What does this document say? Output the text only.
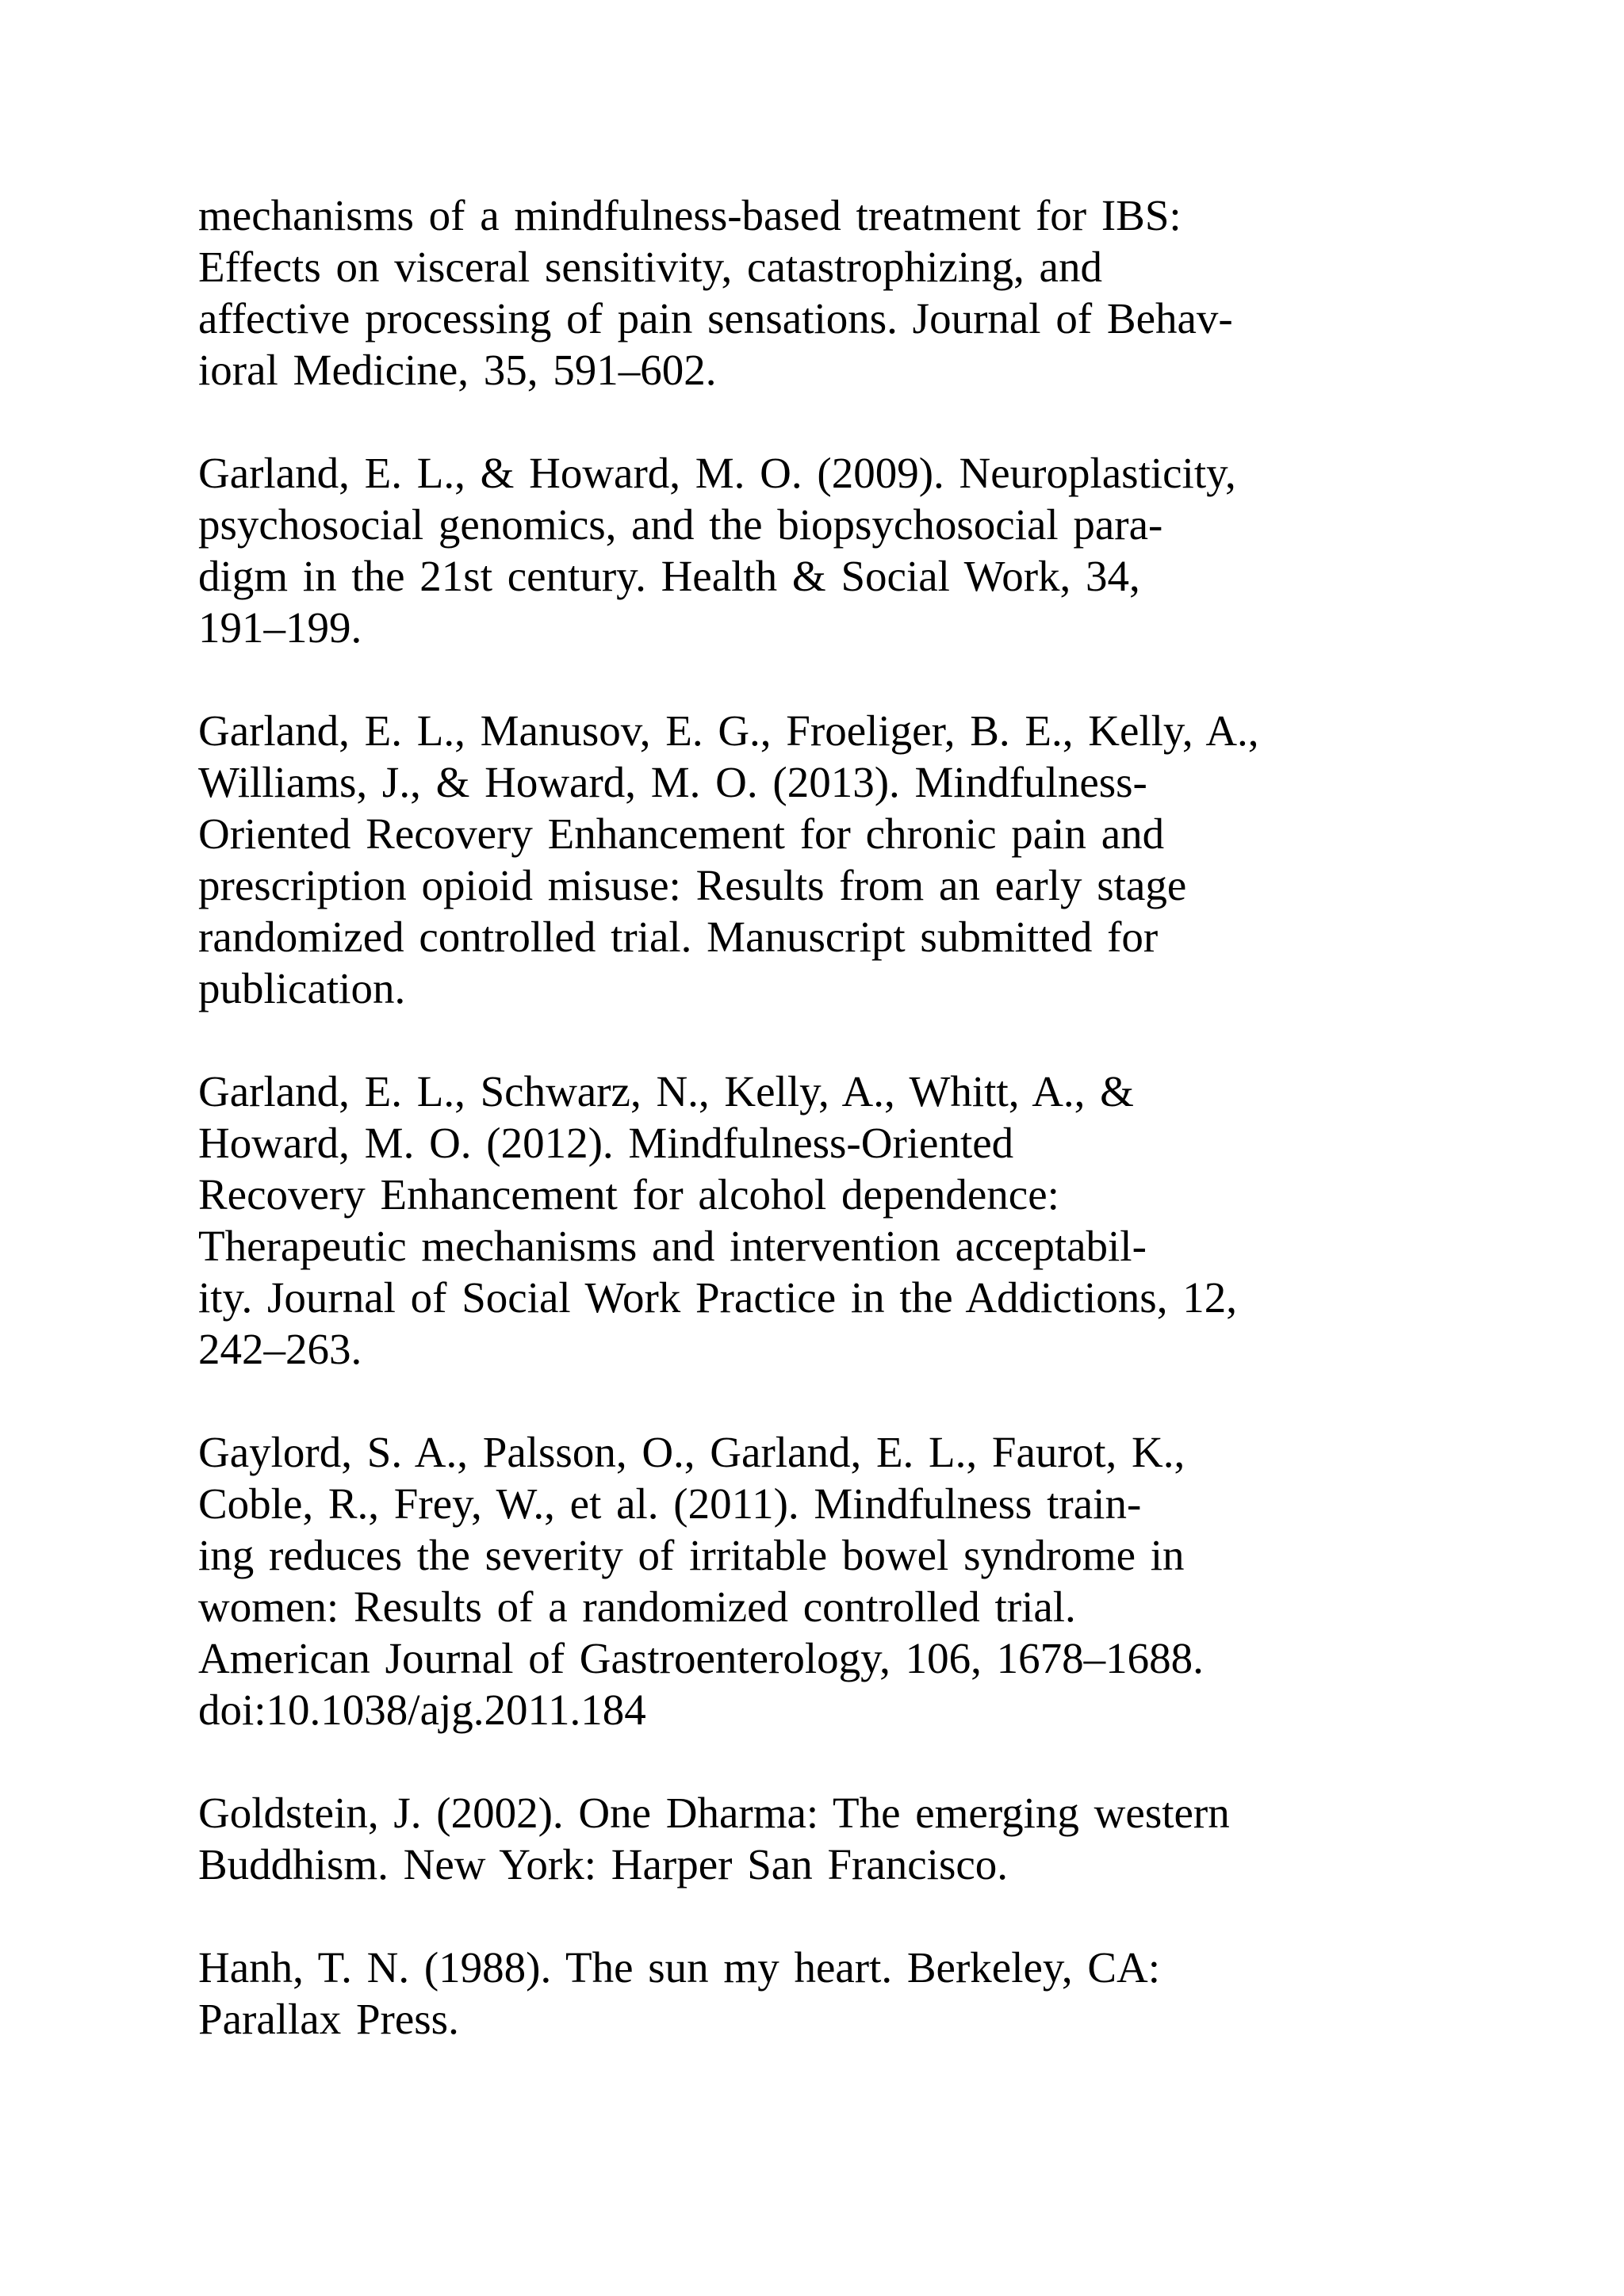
mechanisms of a mindfulness-based treatment for IBS:
Effects on visceral sensitivity, catastrophizing, and
affective processing of pain sensations. Journal of Behav-
ioral Medicine, 35, 591–602.
Garland, E. L., & Howard, M. O. (2009). Neuroplasticity,
psychosocial genomics, and the biopsychosocial para-
digm in the 21st century. Health & Social Work, 34,
191–199.
Garland, E. L., Manusov, E. G., Froeliger, B. E., Kelly, A.,
Williams, J., & Howard, M. O. (2013). Mindfulness-
Oriented Recovery Enhancement for chronic pain and
prescription opioid misuse: Results from an early stage
randomized controlled trial. Manuscript submitted for
publication.
Garland, E. L., Schwarz, N., Kelly, A., Whitt, A., &
Howard, M. O. (2012). Mindfulness-Oriented
Recovery Enhancement for alcohol dependence:
Therapeutic mechanisms and intervention acceptabil-
ity. Journal of Social Work Practice in the Addictions, 12,
242–263.
Gaylord, S. A., Palsson, O., Garland, E. L., Faurot, K.,
Coble, R., Frey, W., et al. (2011). Mindfulness train-
ing reduces the severity of irritable bowel syndrome in
women: Results of a randomized controlled trial.
American Journal of Gastroenterology, 106, 1678–1688.
doi:10.1038/ajg.2011.184
Goldstein, J. (2002). One Dharma: The emerging western
Buddhism. New York: Harper San Francisco.
Hanh, T. N. (1988). The sun my heart. Berkeley, CA:
Parallax Press.
